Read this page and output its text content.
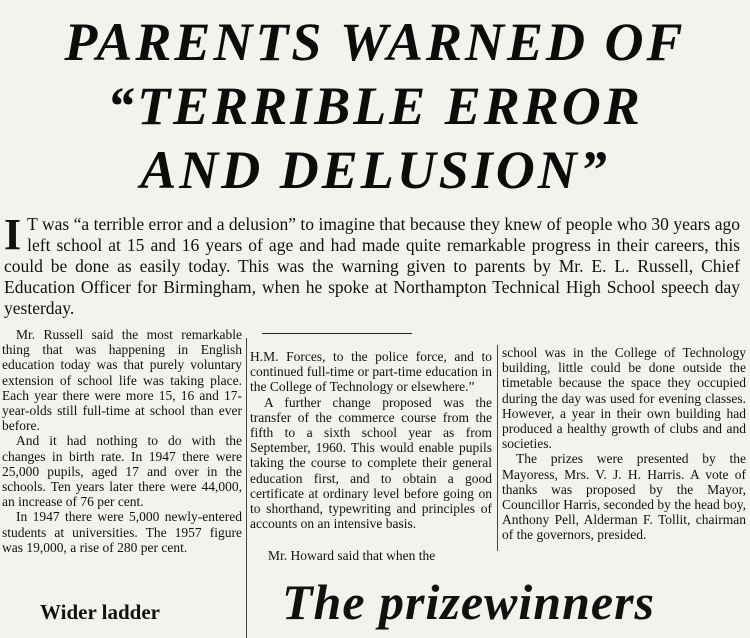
PARENTS WARNED OF
“TERRIBLE ERROR
AND DELUSION”
I T was “a terrible error and a delusion” to imagine that because they knew of people who 30 years ago left school at 15 and 16 years of age and had made quite remarkable progress in their careers, this could be done as easily today. This was the warning given to parents by Mr. E. L. Russell, Chief Education Officer for Birmingham, when he spoke at Northampton Technical High School speech day yesterday.

Mr. Russell said the most remarkable thing that was happening in English education today was that purely voluntary extension of school life was taking place. Each year there were more 15, 16 and 17-year-olds still full-time at school than ever before.

And it had nothing to do with the changes in birth rate. In 1947 there were 25,000 pupils, aged 17 and over in the schools. Ten years later there were 44,000, an increase of 76 per cent.

In 1947 there were 5,000 newly-entered students at universities. The 1957 figure was 19,000, a rise of 280 per cent.

H.M. Forces, to the police force, and to continued full-time or part-time education in the College of Technology or elsewhere.”

A further change proposed was the transfer of the commerce course from the fifth to a sixth school year as from September, 1960. This would enable pupils taking the course to complete their general education first, and to obtain a good certificate at ordinary level before going on to shorthand, typewriting and principles of accounts on an intensive basis.

school was in the College of Technology building, little could be done outside the timetable because the space they occupied during the day was used for evening classes. However, a year in their own building had produced a healthy growth of clubs and and societies.

The prizes were presented by the Mayoress, Mrs. V. J. H. Harris. A vote of thanks was proposed by the Mayor, Councillor Harris, seconded by the head boy, Anthony Pell, Alderman F. Tollit, chairman of the governors, presided.

Mr. Howard said that when the
Wider ladder The prizewinners
